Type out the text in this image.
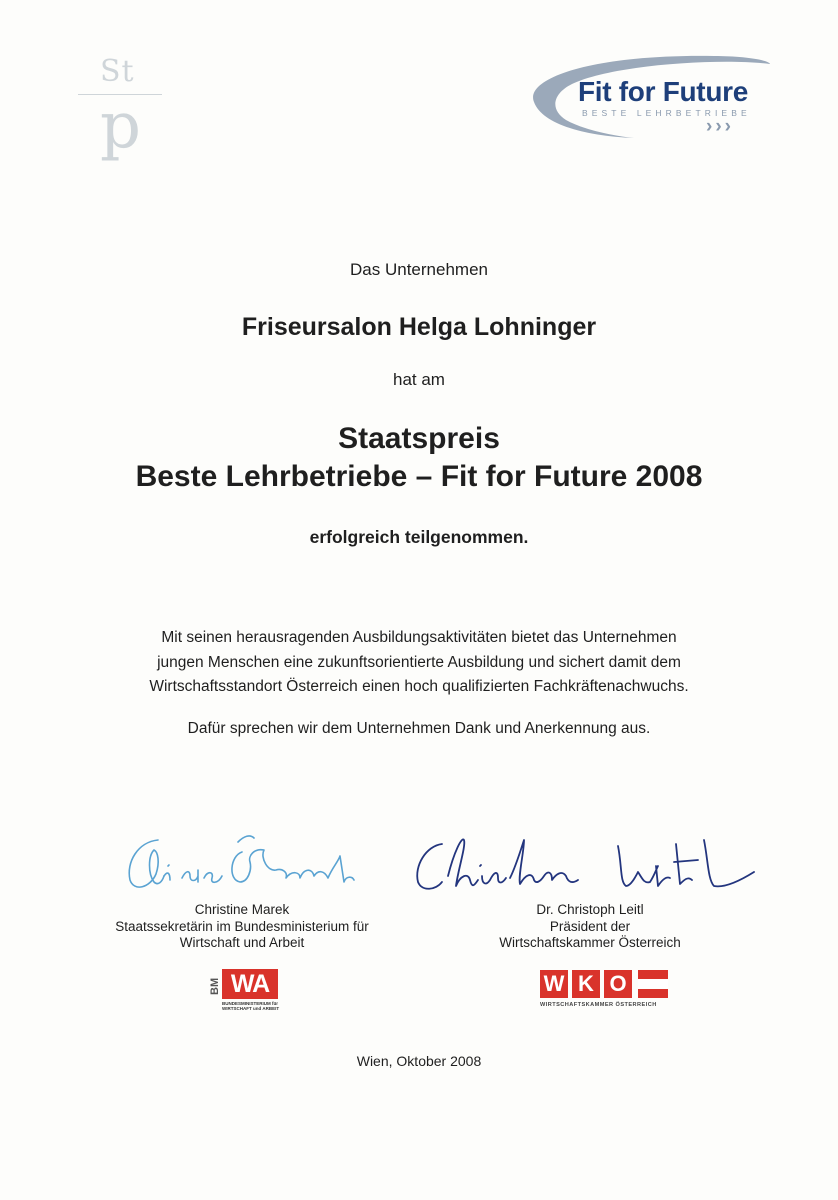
St
p	Fit for Future
BESTE LEHRBETRIEBE
›››
Das Unternehmen
Friseursalon Helga Lohninger
hat am
Staatspreis
Beste Lehrbetriebe – Fit for Future 2008
erfolgreich teilgenommen.
Mit seinen herausragenden Ausbildungsaktivitäten bietet das Unternehmen
jungen Menschen eine zukunftsorientierte Ausbildung und sichert damit dem
Wirtschaftsstandort Österreich einen hoch qualifizierten Fachkräftenachwuchs.
Dafür sprechen wir dem Unternehmen Dank und Anerkennung aus.
Christine Marek
Staatssekretärin im Bundesministerium für
Wirtschaft und Arbeit
Dr. Christoph Leitl
Präsident der
Wirtschaftskammer Österreich
BM WA
BUNDESMINISTERIUM für
WIRTSCHAFT und ARBEIT
W K O
WIRTSCHAFTSKAMMER ÖSTERREICH
Wien, Oktober 2008
